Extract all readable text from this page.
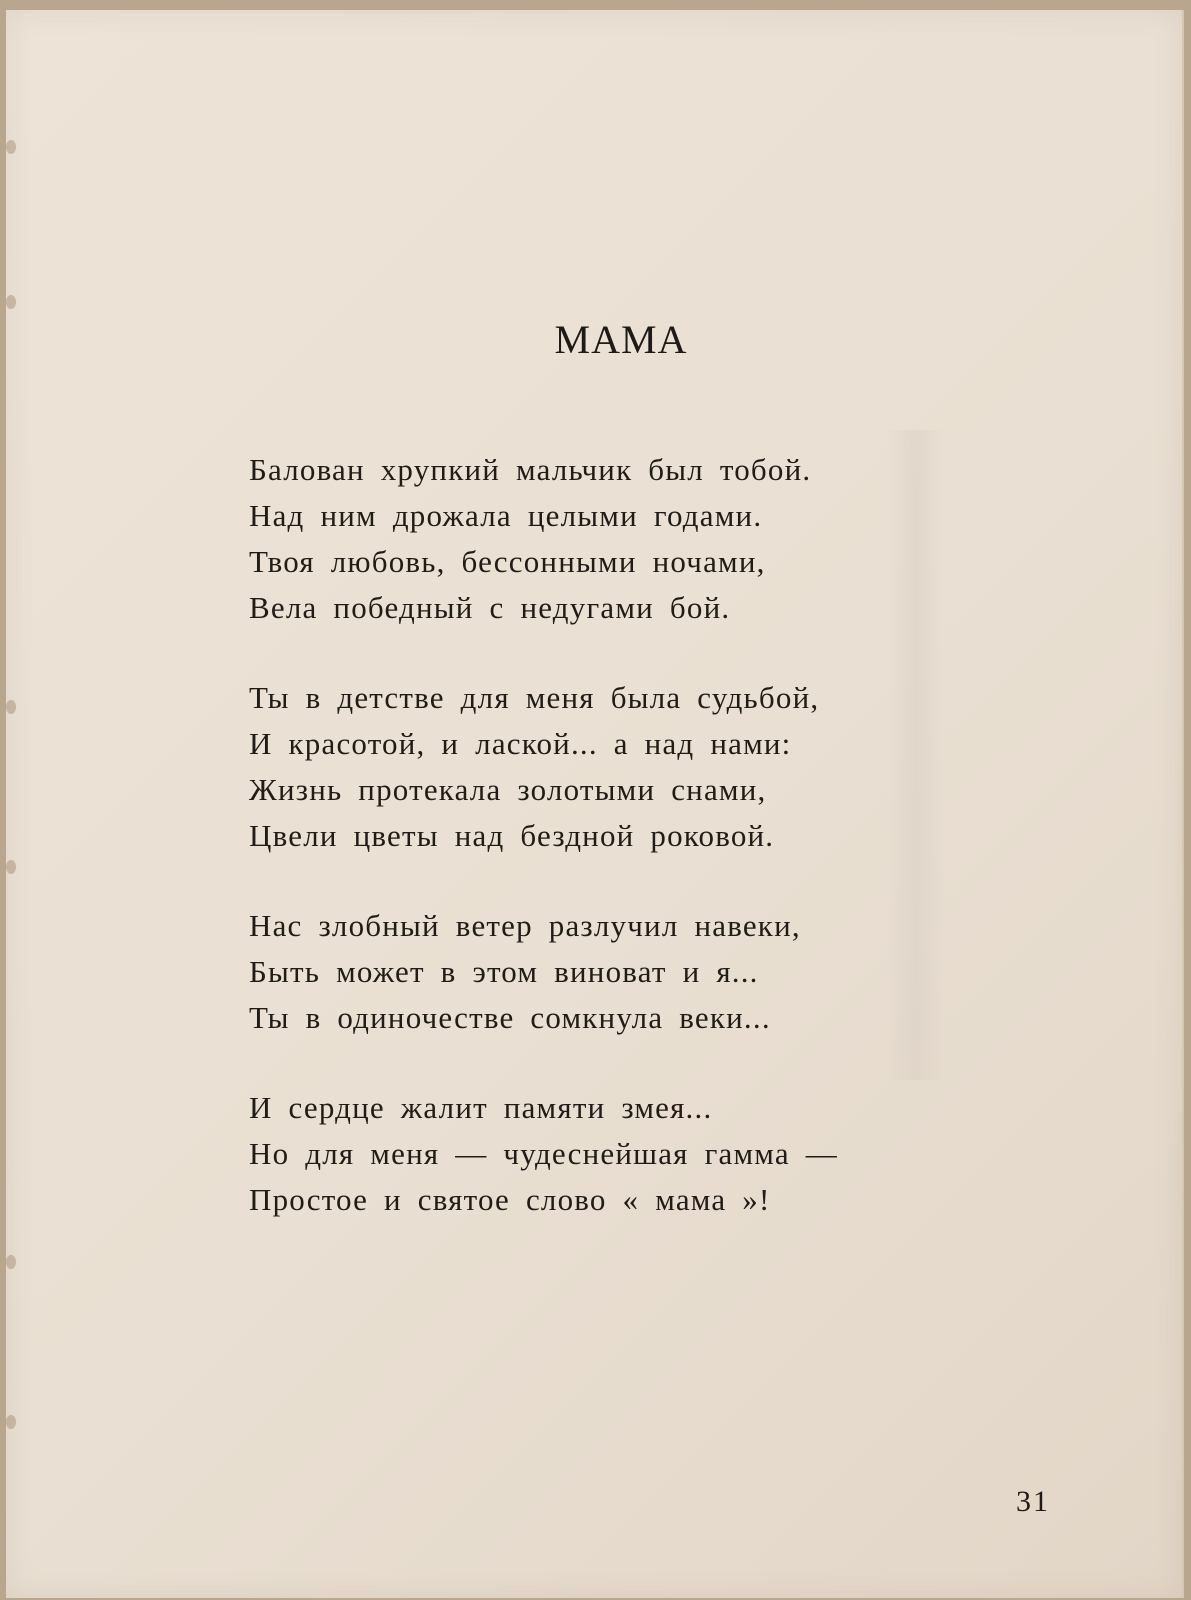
МАМА
Балован хрупкий мальчик был тобой.
Над ним дрожала целыми годами.
Твоя любовь, бессонными ночами,
Вела победный с недугами бой.
Ты в детстве для меня была судьбой,
И красотой, и лаской... а над нами:
Жизнь протекала золотыми снами,
Цвели цветы над бездной роковой.
Нас злобный ветер разлучил навеки,
Быть может в этом виноват и я...
Ты в одиночестве сомкнула веки...
И сердце жалит памяти змея...
Но для меня — чудеснейшая гамма —
Простое и святое слово « мама »!
31
